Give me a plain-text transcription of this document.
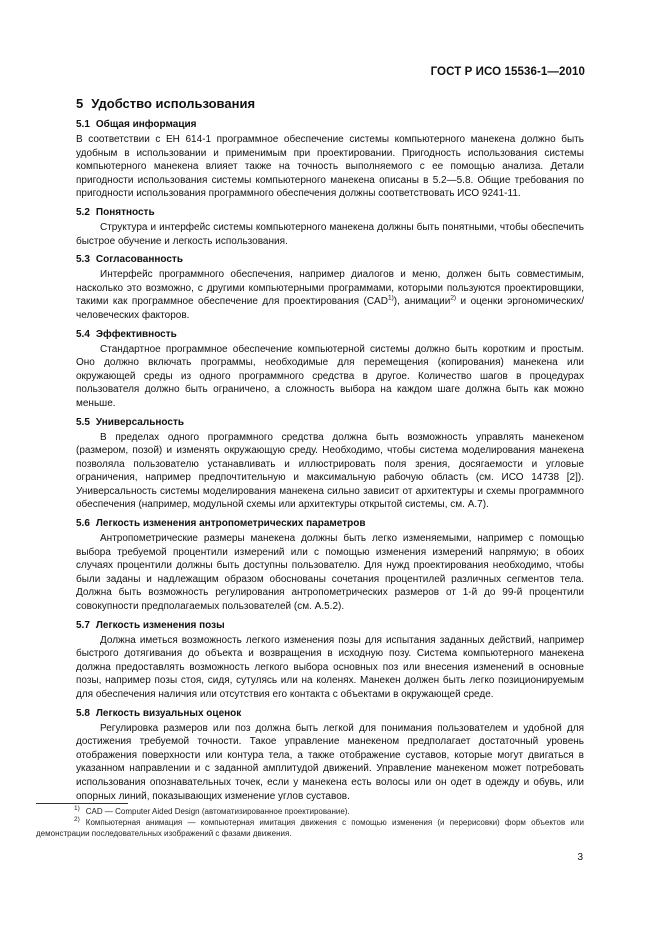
ГОСТ Р ИСО 15536-1—2010
5 Удобство использования
5.1 Общая информация

В соответствии с ЕН 614-1 программное обеспечение системы компьютерного манекена должно быть удобным в использовании и применимым при проектировании. Пригодность использования системы компьютерного манекена влияет также на точность выполняемого с ее помощью анализа. Детали пригодности использования системы компьютерного манекена описаны в 5.2—5.8. Общие требования по пригодности использования программного обеспечения должны соответствовать ИСО 9241-11.

5.2 Понятность

Структура и интерфейс системы компьютерного манекена должны быть понятными, чтобы обеспечить быстрое обучение и легкость использования.

5.3 Согласованность

Интерфейс программного обеспечения, например диалогов и меню, должен быть совместимым, насколько это возможно, с другими компьютерными программами, которыми пользуются проектировщики, такими как программное обеспечение для проектирования (CAD$^{1)}$), анимации$^{2)}$ и оценки эргономических/человеческих факторов.

5.4 Эффективность

Стандартное программное обеспечение компьютерной системы должно быть коротким и простым. Оно должно включать программы, необходимые для перемещения (копирования) манекена или окружающей среды из одного программного средства в другое. Количество шагов в процедурах пользователя должно быть ограничено, а сложность выбора на каждом шаге должна быть как можно меньше.

5.5 Универсальность

В пределах одного программного средства должна быть возможность управлять манекеном (размером, позой) и изменять окружающую среду. Необходимо, чтобы система моделирования манекена позволяла пользователю устанавливать и иллюстрировать поля зрения, досягаемости и угловые ограничения, например предпочтительную и максимальную рабочую область (см. ИСО 14738 [2]). Универсальность системы моделирования манекена сильно зависит от архитектуры и схемы программного обеспечения (например, модульной схемы или архитектуры открытой системы, см. А.7).

5.6 Легкость изменения антропометрических параметров

Антропометрические размеры манекена должны быть легко изменяемыми, например с помощью выбора требуемой процентили измерений или с помощью изменения измерений напрямую; в обоих случаях процентили должны быть доступны пользователю. Для нужд проектирования необходимо, чтобы были заданы и надлежащим образом обоснованы сочетания процентилей различных сегментов тела. Должна быть возможность регулирования антропометрических размеров от 1-й до 99-й процентили совокупности предполагаемых пользователей (см. А.5.2).

5.7 Легкость изменения позы

Должна иметься возможность легкого изменения позы для испытания заданных действий, например быстрого дотягивания до объекта и возвращения в исходную позу. Система компьютерного манекена должна предоставлять возможность легкого выбора основных поз или внесения изменений в основные позы, например позы стоя, сидя, сутулясь или на коленях. Манекен должен быть легко позиционируемым для обеспечения наличия или отсутствия его контакта с объектами в окружающей среде.

5.8 Легкость визуальных оценок

Регулировка размеров или поз должна быть легкой для понимания пользователем и удобной для достижения требуемой точности. Такое управление манекеном предполагает достаточный уровень отображения поверхности или контура тела, а также отображение суставов, которые могут двигаться в указанном направлении и с заданной амплитудой движений. Управление манекеном может потребовать использования опознавательных точек, если у манекена есть волосы или он одет в одежду и обувь, или опорных линий, показывающих изменение углов суставов.

$^{1)}$ CAD — Computer Aided Design (автоматизированное проектирование).

$^{2)}$ Компьютерная анимация — компьютерная имитация движения с помощью изменения (и перерисовки) форм объектов или демонстрации последовательных изображений с фазами движения.

3
